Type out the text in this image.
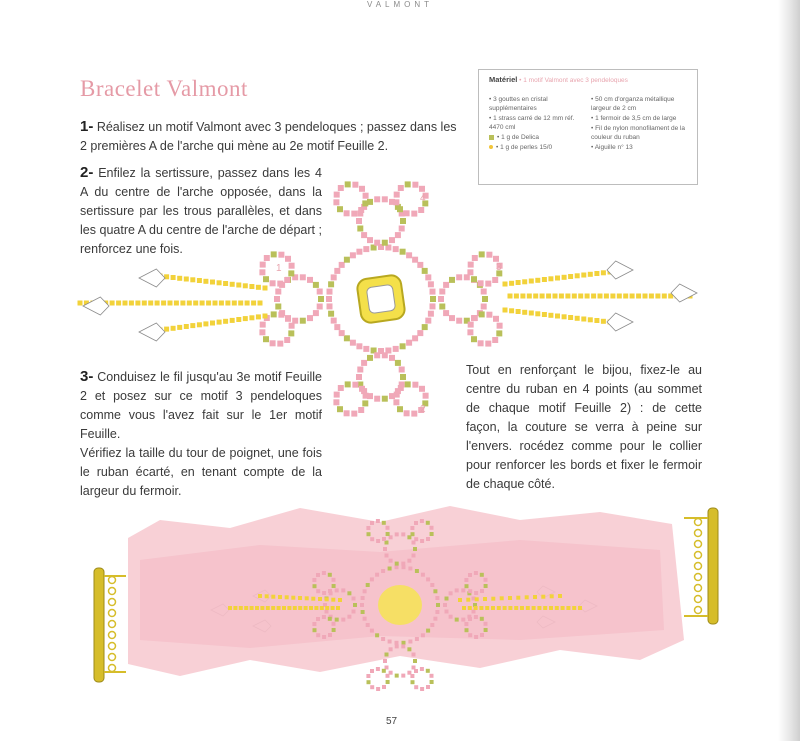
VALMONT
Bracelet Valmont

1- Réalisez un motif Valmont avec 3 pendeloques ; passez dans les 2 premières A de l'arche qui mène au 2e motif Feuille 2.

2- Enfilez la sertissure, passez dans les 4 A du centre de l'arche opposée, dans la sertissure par les trous parallèles, et dans les quatre A du centre de l'arche de départ ; renforcez une fois.

3- Conduisez le fil jusqu'au 3e motif Feuille 2 et posez sur ce motif 3 pendeloques comme vous l'avez fait sur le 1er motif Feuille.
Vérifiez la taille du tour de poignet, une fois le ruban écarté, en tenant compte de la largeur du fermoir.

Tout en renforçant le bijou, fixez-le au centre du ruban en 4 points (au sommet de chaque motif Feuille 2) : de cette façon, la couture se verra à peine sur l'envers. rocédez comme pour le collier pour renforcer les bords et fixer le fermoir de chaque côté.

Matériel • 1 motif Valmont avec 3 pendeloques
• 3 gouttes en cristal supplémentaires
• 1 strass carré de 12 mm réf. 4470 cml
• 1 g de Delica
• 1 g de perles 15/0
• 50 cm d'organza métallique largeur de 2 cm
• 1 fermoir de 3,5 cm de large
• Fil de nylon monofilament de la couleur du ruban
• Aiguille n° 13
1
2
3
4
57
